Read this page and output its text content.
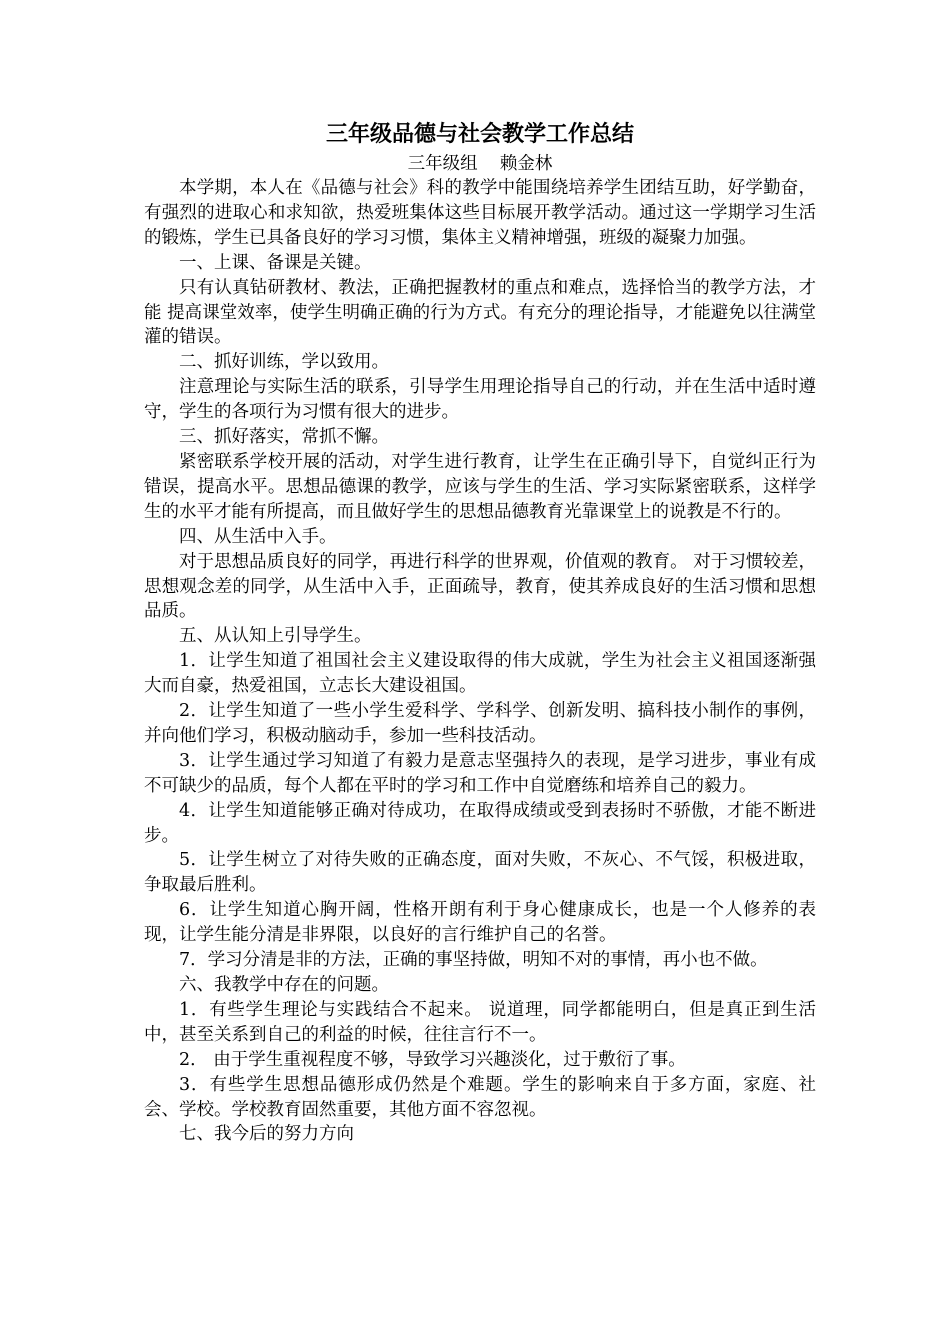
三年级品德与社会教学工作总结

三年级组    赖金林

本学期，本人在《品德与社会》科的教学中能围绕培养学生团结互助，好学勤奋，有强烈的进取心和求知欲，热爱班集体这些目标展开教学活动。通过这一学期学习生活的锻炼，学生已具备良好的学习习惯，集体主义精神增强，班级的凝聚力加强。

一、上课、备课是关键。

只有认真钻研教材、教法，正确把握教材的重点和难点，选择恰当的教学方法，才能 提高课堂效率，使学生明确正确的行为方式。有充分的理论指导，才能避免以往满堂灌的错误。

二、抓好训练，学以致用。

注意理论与实际生活的联系，引导学生用理论指导自己的行动，并在生活中适时遵守，学生的各项行为习惯有很大的进步。

三、抓好落实，常抓不懈。

紧密联系学校开展的活动，对学生进行教育，让学生在正确引导下，自觉纠正行为错误，提高水平。思想品德课的教学，应该与学生的生活、学习实际紧密联系，这样学生的水平才能有所提高，而且做好学生的思想品德教育光靠课堂上的说教是不行的。

四、从生活中入手。

对于思想品质良好的同学，再进行科学的世界观，价值观的教育。 对于习惯较差，思想观念差的同学，从生活中入手，正面疏导，教育，使其养成良好的生活习惯和思想品质。

五、从认知上引导学生。

1．让学生知道了祖国社会主义建设取得的伟大成就，学生为社会主义祖国逐渐强大而自豪，热爱祖国，立志长大建设祖国。

2．让学生知道了一些小学生爱科学、学科学、创新发明、搞科技小制作的事例，并向他们学习，积极动脑动手，参加一些科技活动。

3．让学生通过学习知道了有毅力是意志坚强持久的表现，是学习进步，事业有成不可缺少的品质，每个人都在平时的学习和工作中自觉磨练和培养自己的毅力。

4．让学生知道能够正确对待成功，在取得成绩或受到表扬时不骄傲，才能不断进步。

5．让学生树立了对待失败的正确态度，面对失败，不灰心、不气馁，积极进取，争取最后胜利。

6．让学生知道心胸开阔，性格开朗有利于身心健康成长，也是一个人修养的表现，让学生能分清是非界限，以良好的言行维护自己的名誉。

7．学习分清是非的方法，正确的事坚持做，明知不对的事情，再小也不做。

六、我教学中存在的问题。

1．有些学生理论与实践结合不起来。 说道理，同学都能明白，但是真正到生活中，甚至关系到自己的利益的时候，往往言行不一。

2． 由于学生重视程度不够，导致学习兴趣淡化，过于敷衍了事。

3．有些学生思想品德形成仍然是个难题。学生的影响来自于多方面，家庭、社会、学校。学校教育固然重要，其他方面不容忽视。

七、我今后的努力方向
